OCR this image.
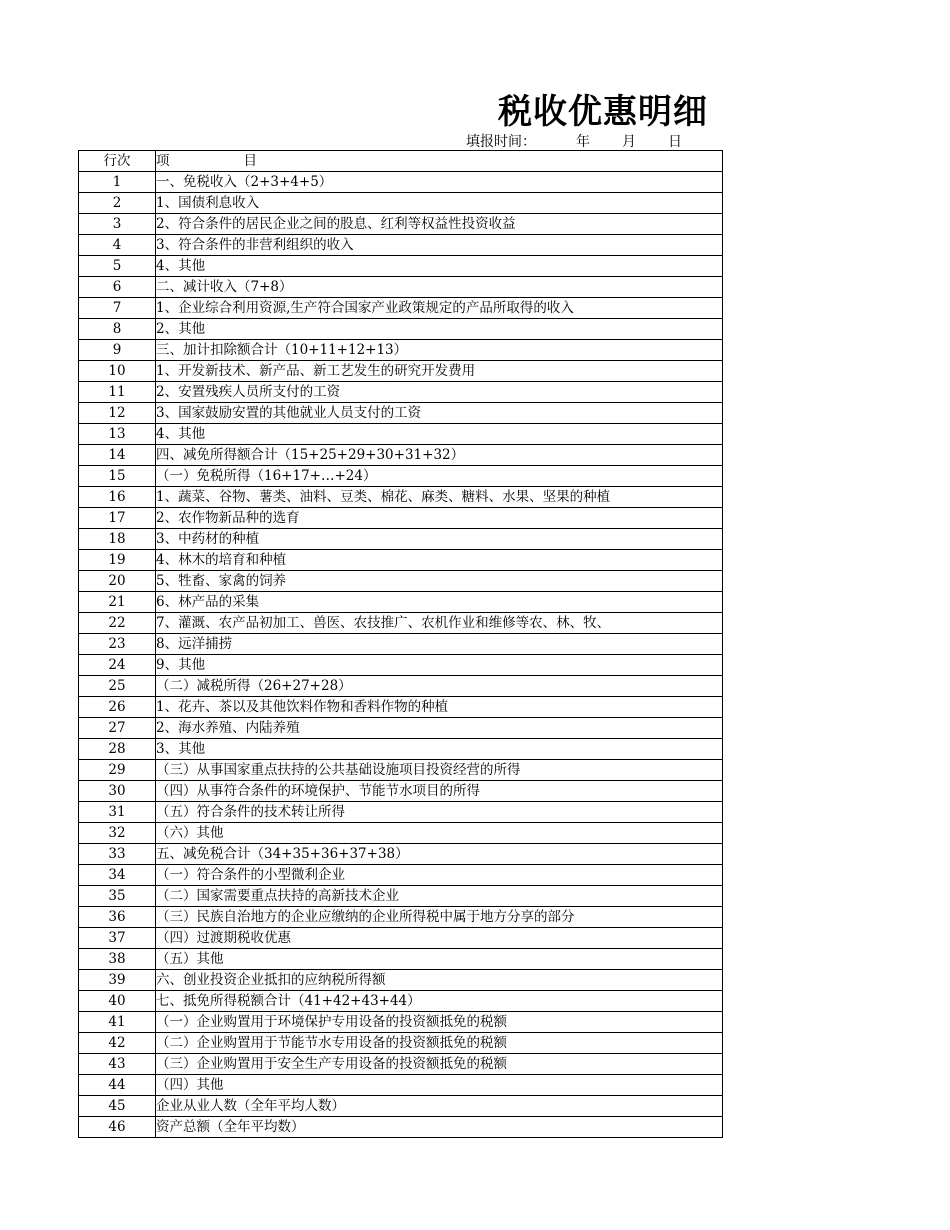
税收优惠明细
填报时间：	年 月 日
行次	项 目
1	一、免税收入（2+3+4+5）
2	1、国债利息收入
3	2、符合条件的居民企业之间的股息、红利等权益性投资收益
4	3、符合条件的非营利组织的收入
5	4、其他
6	二、减计收入（7+8）
7	1、企业综合利用资源,生产符合国家产业政策规定的产品所取得的收入
8	2、其他
9	三、加计扣除额合计（10+11+12+13）
10	1、开发新技术、新产品、新工艺发生的研究开发费用
11	2、安置残疾人员所支付的工资
12	3、国家鼓励安置的其他就业人员支付的工资
13	4、其他
14	四、减免所得额合计（15+25+29+30+31+32）
15	（一）免税所得（16+17+…+24）
16	1、蔬菜、谷物、薯类、油料、豆类、棉花、麻类、糖料、水果、坚果的种植
17	2、农作物新品种的选育
18	3、中药材的种植
19	4、林木的培育和种植
20	5、牲畜、家禽的饲养
21	6、林产品的采集
22	7、灌溉、农产品初加工、兽医、农技推广、农机作业和维修等农、林、牧、
23	8、远洋捕捞
24	9、其他
25	（二）减税所得（26+27+28）
26	1、花卉、茶以及其他饮料作物和香料作物的种植
27	2、海水养殖、内陆养殖
28	3、其他
29	（三）从事国家重点扶持的公共基础设施项目投资经营的所得
30	（四）从事符合条件的环境保护、节能节水项目的所得
31	（五）符合条件的技术转让所得
32	（六）其他
33	五、减免税合计（34+35+36+37+38）
34	（一）符合条件的小型微利企业
35	（二）国家需要重点扶持的高新技术企业
36	（三）民族自治地方的企业应缴纳的企业所得税中属于地方分享的部分
37	（四）过渡期税收优惠
38	（五）其他
39	六、创业投资企业抵扣的应纳税所得额
40	七、抵免所得税额合计（41+42+43+44）
41	（一）企业购置用于环境保护专用设备的投资额抵免的税额
42	（二）企业购置用于节能节水专用设备的投资额抵免的税额
43	（三）企业购置用于安全生产专用设备的投资额抵免的税额
44	（四）其他
45	企业从业人数（全年平均人数）
46	资产总额（全年平均数）
